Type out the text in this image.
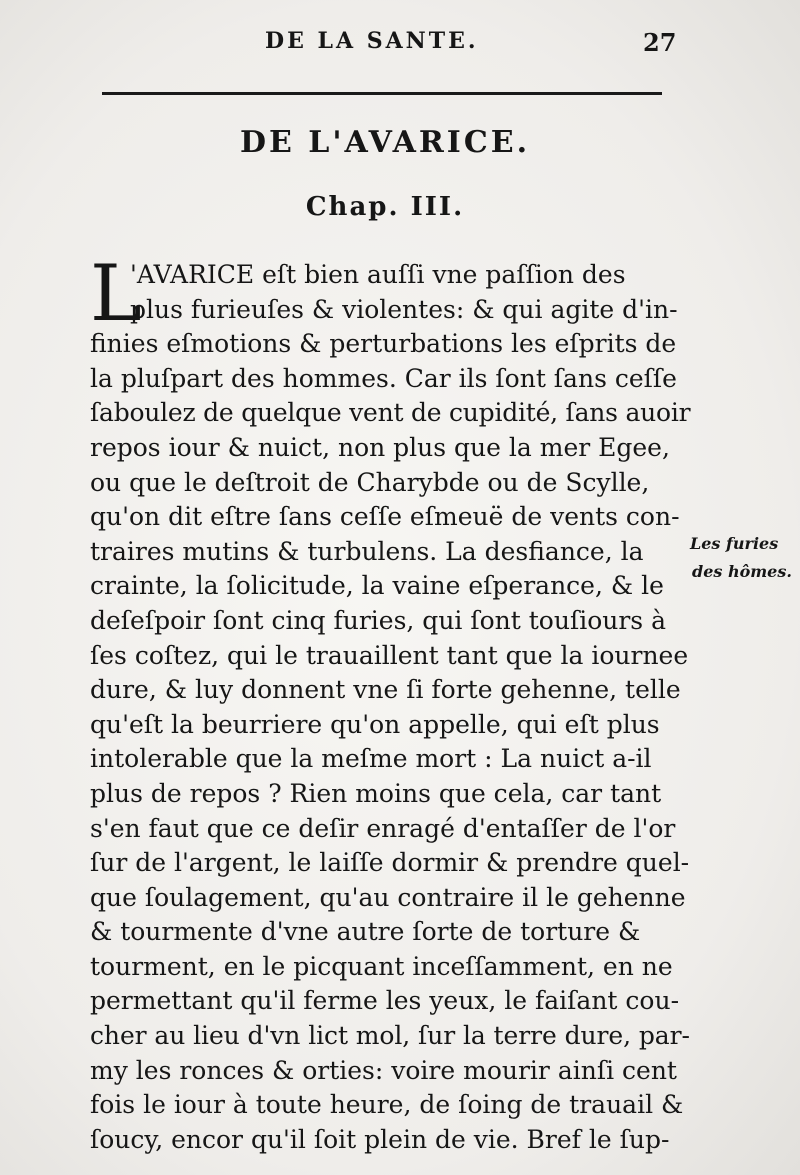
DE LA SANTE.	27
DE L'AVARICE.
Chap. III.
L
'AVARICE eſt bien auſſi vne paſſion des
plus furieuſes & violentes: & qui agite d'in-
finies eſmotions & perturbations les eſprits de
la pluſpart des hommes. Car ils ſont ſans ceſſe
ſaboulez de quelque vent de cupidité, ſans auoir
repos iour & nuict, non plus que la mer Egee,
ou que le deſtroit de Charybde ou de Scylle,
qu'on dit eſtre ſans ceſſe eſmeuë de vents con-
traires mutins & turbulens. La desfiance, la
crainte, la ſolicitude, la vaine eſperance, & le
deſeſpoir ſont cinq furies, qui ſont touſiours à
ſes coſtez, qui le trauaillent tant que la iournee
dure, & luy donnent vne ſi forte gehenne, telle
qu'eſt la beurriere qu'on appelle, qui eſt plus
intolerable que la meſme mort : La nuict a-il
plus de repos ? Rien moins que cela, car tant
s'en faut que ce deſir enragé d'entaſſer de l'or
ſur de l'argent, le laiſſe dormir & prendre quel-
que ſoulagement, qu'au contraire il le gehenne
& tourmente d'vne autre ſorte de torture &
tourment, en le picquant inceſſamment, en ne
permettant qu'il ferme les yeux, le faiſant cou-
cher au lieu d'vn lict mol, ſur la terre dure, par-
my les ronces & orties: voire mourir ainſi cent
fois le iour à toute heure, de ſoing de trauail &
ſoucy, encor qu'il ſoit plein de vie. Bref le ſup-
Les furies
des hômes.
